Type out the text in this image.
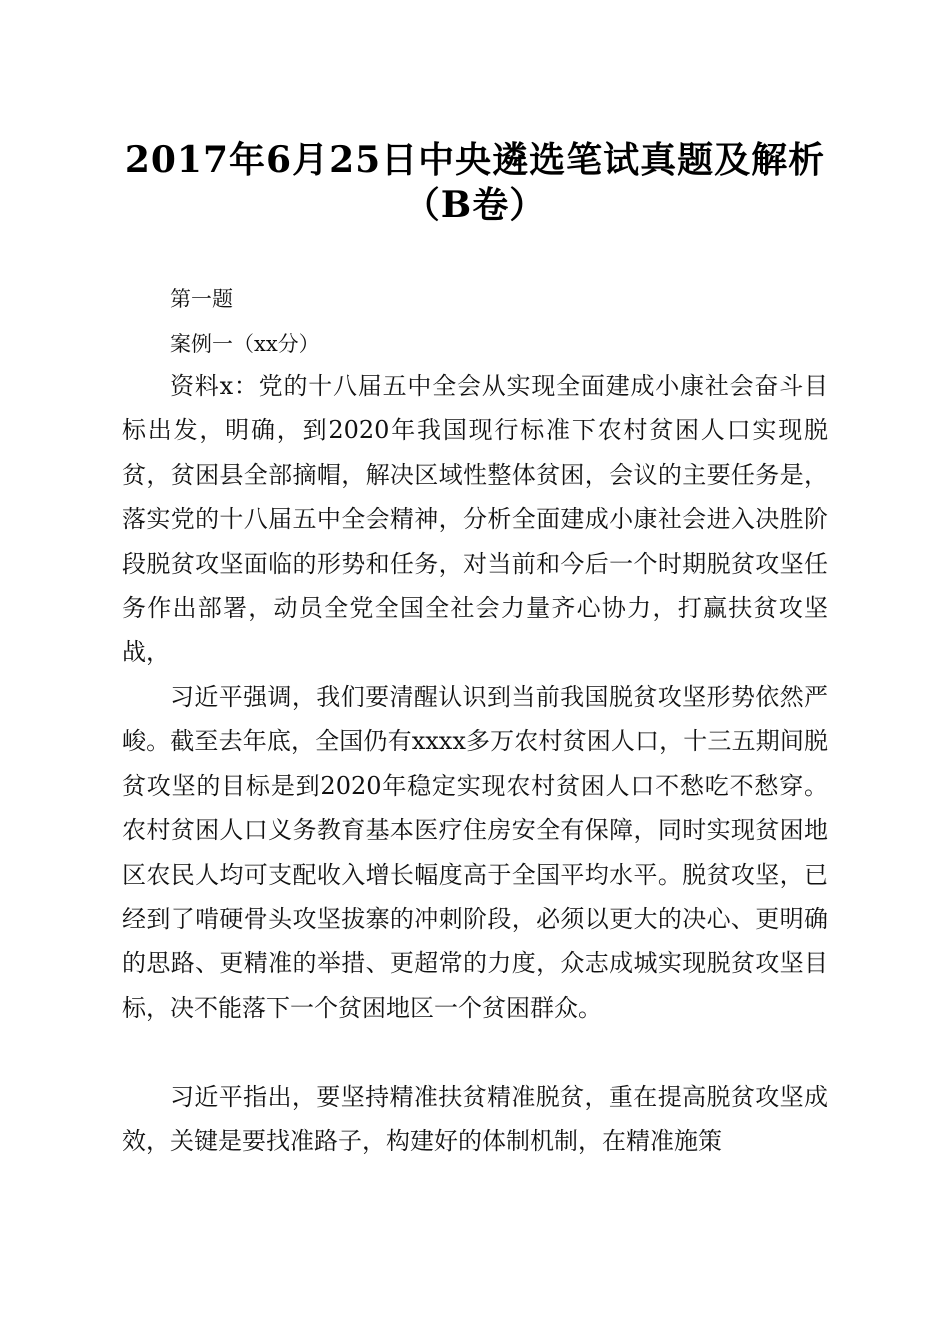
2017年6月25日中央遴选笔试真题及解析
（B卷）
第一题
案例一（xx分）

资料x：党的十八届五中全会从实现全面建成小康社会奋斗目标出发，明确，到2020年我国现行标准下农村贫困人口实现脱贫，贫困县全部摘帽，解决区域性整体贫困，会议的主要任务是，落实党的十八届五中全会精神，分析全面建成小康社会进入决胜阶段脱贫攻坚面临的形势和任务，对当前和今后一个时期脱贫攻坚任务作出部署，动员全党全国全社会力量齐心协力，打赢扶贫攻坚战，

习近平强调，我们要清醒认识到当前我国脱贫攻坚形势依然严峻。截至去年底，全国仍有xxxx多万农村贫困人口，十三五期间脱贫攻坚的目标是到2020年稳定实现农村贫困人口不愁吃不愁穿。农村贫困人口义务教育基本医疗住房安全有保障，同时实现贫困地区农民人均可支配收入增长幅度高于全国平均水平。脱贫攻坚，已经到了啃硬骨头攻坚拔寨的冲刺阶段，必须以更大的决心、更明确的思路、更精准的举措、更超常的力度，众志成城实现脱贫攻坚目标，决不能落下一个贫困地区一个贫困群众。

习近平指出，要坚持精准扶贫精准脱贫，重在提高脱贫攻坚成效，关键是要找准路子，构建好的体制机制，在精准施策
